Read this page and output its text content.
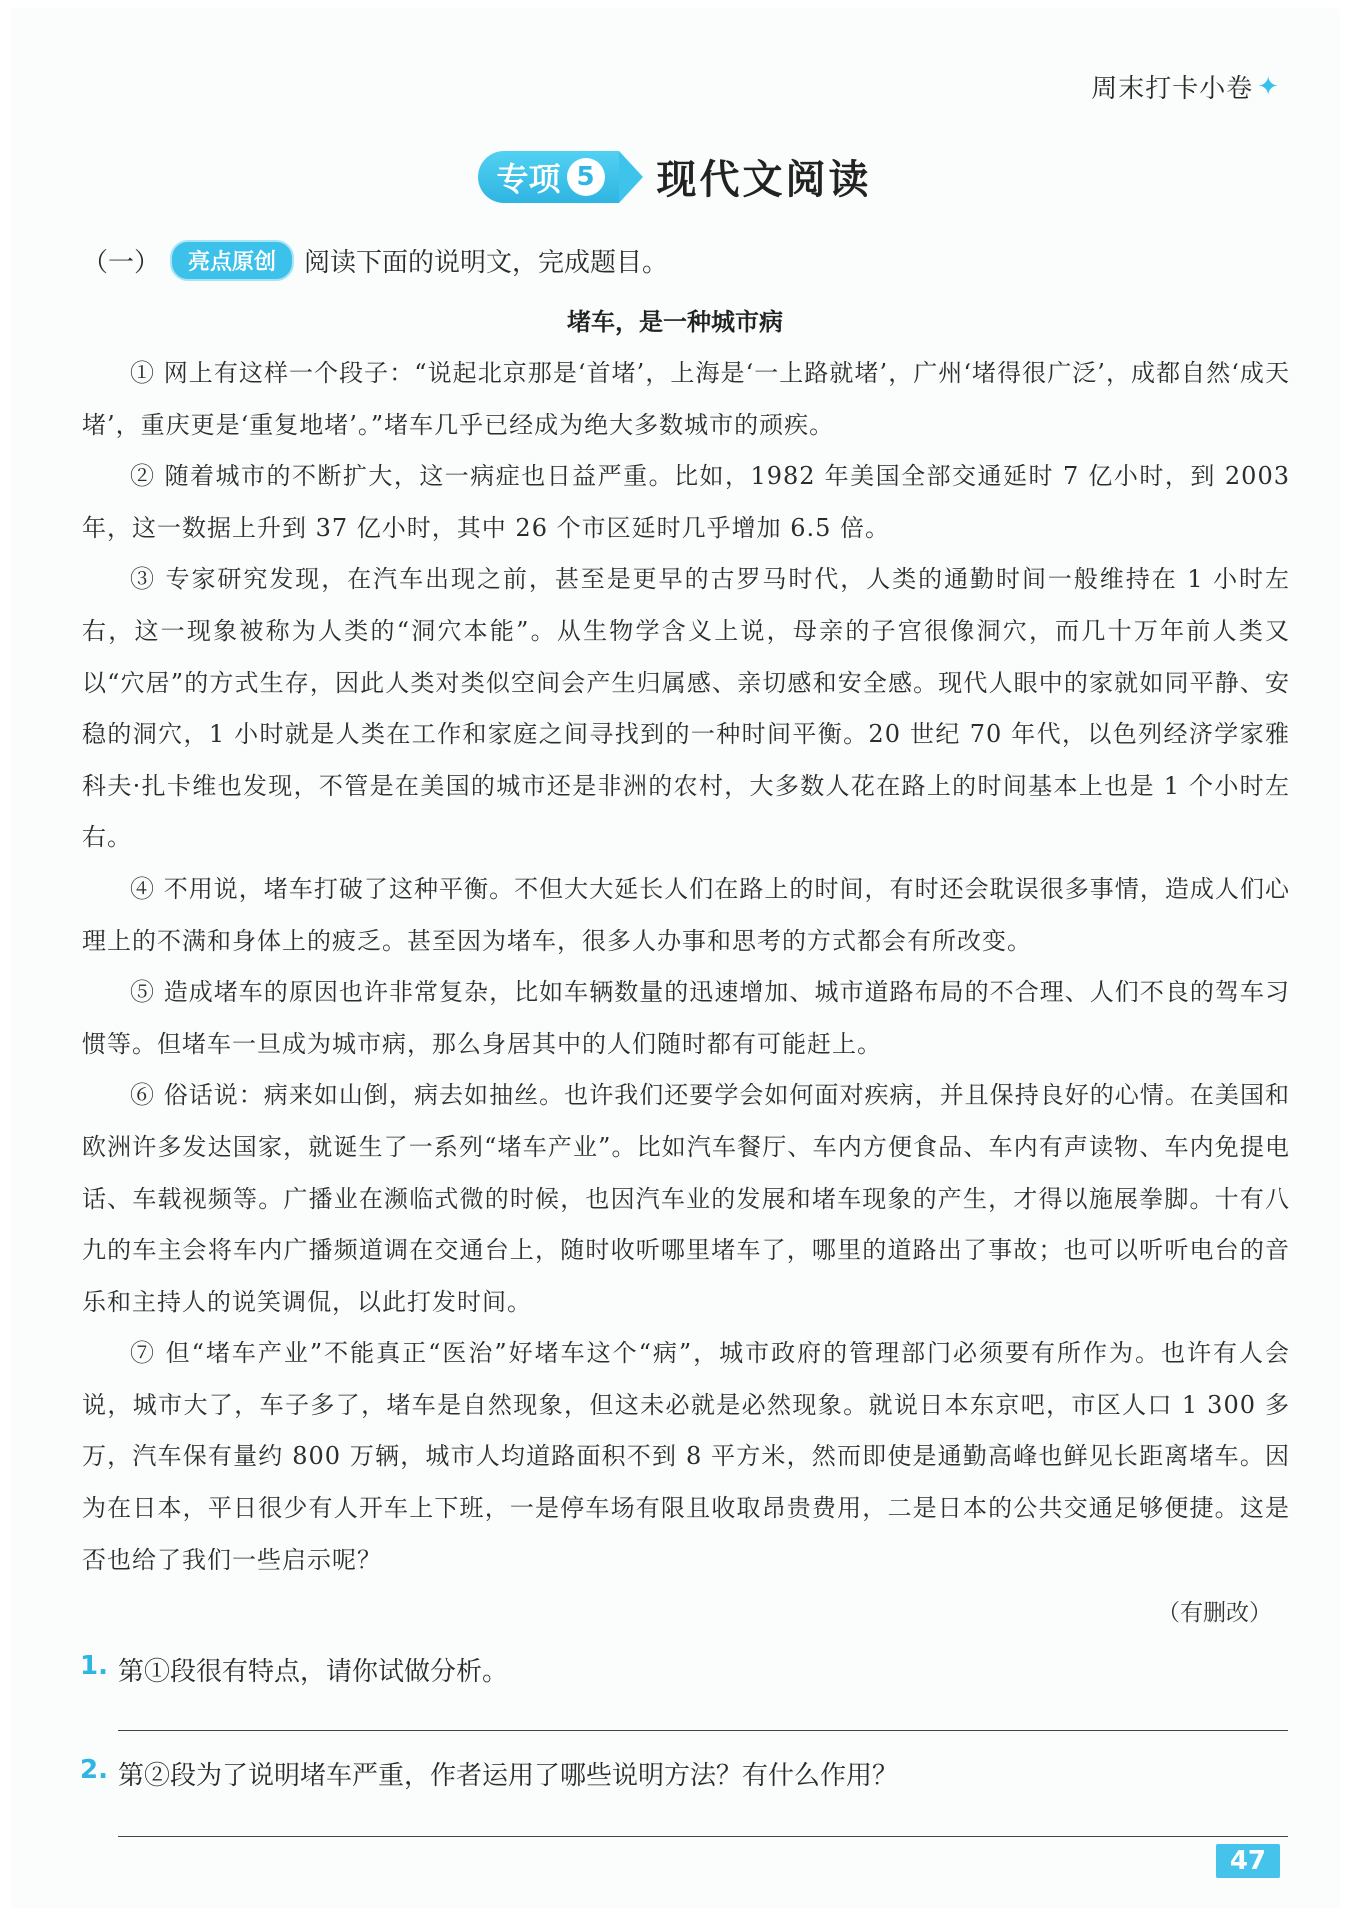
周末打卡小卷 ✦
专项 5 现代文阅读
（一）	亮点原创	阅读下面的说明文，完成题目。
堵车，是一种城市病

① 网上有这样一个段子：“说起北京那是‘首堵’，上海是‘一上路就堵’，广州‘堵得很广泛’，成都自然‘成天堵’，重庆更是‘重复地堵’。”堵车几乎已经成为绝大多数城市的顽疾。

② 随着城市的不断扩大，这一病症也日益严重。比如，1982 年美国全部交通延时 7 亿小时，到 2003 年，这一数据上升到 37 亿小时，其中 26 个市区延时几乎增加 6.5 倍。

③ 专家研究发现，在汽车出现之前，甚至是更早的古罗马时代，人类的通勤时间一般维持在 1 小时左右，这一现象被称为人类的“洞穴本能”。从生物学含义上说，母亲的子宫很像洞穴，而几十万年前人类又以“穴居”的方式生存，因此人类对类似空间会产生归属感、亲切感和安全感。现代人眼中的家就如同平静、安稳的洞穴，1 小时就是人类在工作和家庭之间寻找到的一种时间平衡。20 世纪 70 年代，以色列经济学家雅科夫·扎卡维也发现，不管是在美国的城市还是非洲的农村，大多数人花在路上的时间基本上也是 1 个小时左右。

④ 不用说，堵车打破了这种平衡。不但大大延长人们在路上的时间，有时还会耽误很多事情，造成人们心理上的不满和身体上的疲乏。甚至因为堵车，很多人办事和思考的方式都会有所改变。

⑤ 造成堵车的原因也许非常复杂，比如车辆数量的迅速增加、城市道路布局的不合理、人们不良的驾车习惯等。但堵车一旦成为城市病，那么身居其中的人们随时都有可能赶上。

⑥ 俗话说：病来如山倒，病去如抽丝。也许我们还要学会如何面对疾病，并且保持良好的心情。在美国和欧洲许多发达国家，就诞生了一系列“堵车产业”。比如汽车餐厅、车内方便食品、车内有声读物、车内免提电话、车载视频等。广播业在濒临式微的时候，也因汽车业的发展和堵车现象的产生，才得以施展拳脚。十有八九的车主会将车内广播频道调在交通台上，随时收听哪里堵车了，哪里的道路出了事故；也可以听听电台的音乐和主持人的说笑调侃，以此打发时间。

⑦ 但“堵车产业”不能真正“医治”好堵车这个“病”，城市政府的管理部门必须要有所作为。也许有人会说，城市大了，车子多了，堵车是自然现象，但这未必就是必然现象。就说日本东京吧，市区人口 1 300 多万，汽车保有量约 800 万辆，城市人均道路面积不到 8 平方米，然而即使是通勤高峰也鲜见长距离堵车。因为在日本，平日很少有人开车上下班，一是停车场有限且收取昂贵费用，二是日本的公共交通足够便捷。这是否也给了我们一些启示呢？

（有删改）
1. 第①段很有特点，请你试做分析。
2. 第②段为了说明堵车严重，作者运用了哪些说明方法？有什么作用？
47
